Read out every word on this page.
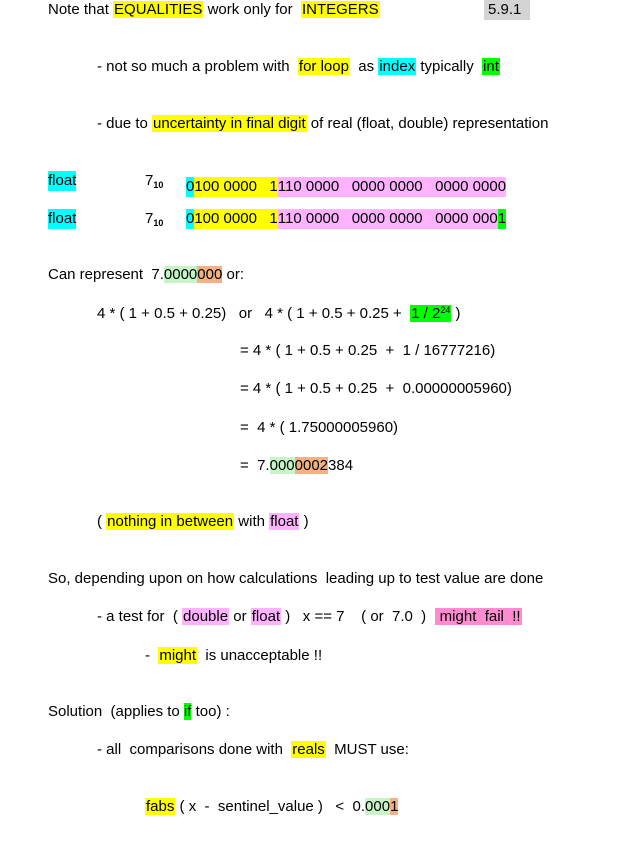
Note that EQUALITIES work only for  INTEGERS	5.9.1
- not so much a problem with  for loop  as index typically  int
- due to uncertainty in final digit of real (float, double) representation
float	$7_{10}$ 0100 0000   1110 0000   0000 0000   0000 0000
float	$7_{10}$ 0100 0000   1110 0000   0000 0000   0000 0001
Can represent  7.0000000 or:
4 * ( 1 + 0.5 + 0.25)   or   4 * ( $1 + 0.5 + 0.25 + 1 / 2^{24}$ )
= 4 * ( 1 + 0.5 + 0.25  +  1 / 16777216)
= 4 * ( 1 + 0.5 + 0.25  +  0.00000005960)
=  4 * ( 1.75000005960)
=  7.0000002384
( nothing in between with float )
So, depending upon on how calculations  leading up to test value are done
- a test for  ( double or float )   x == 7    ( or  7.0  )   might  fail  !!
-  might  is unacceptable !!
Solution  (applies to if too) :
- all  comparisons done with  reals  MUST use:
fabs ( x  -  sentinel_value )   <  0.0001
